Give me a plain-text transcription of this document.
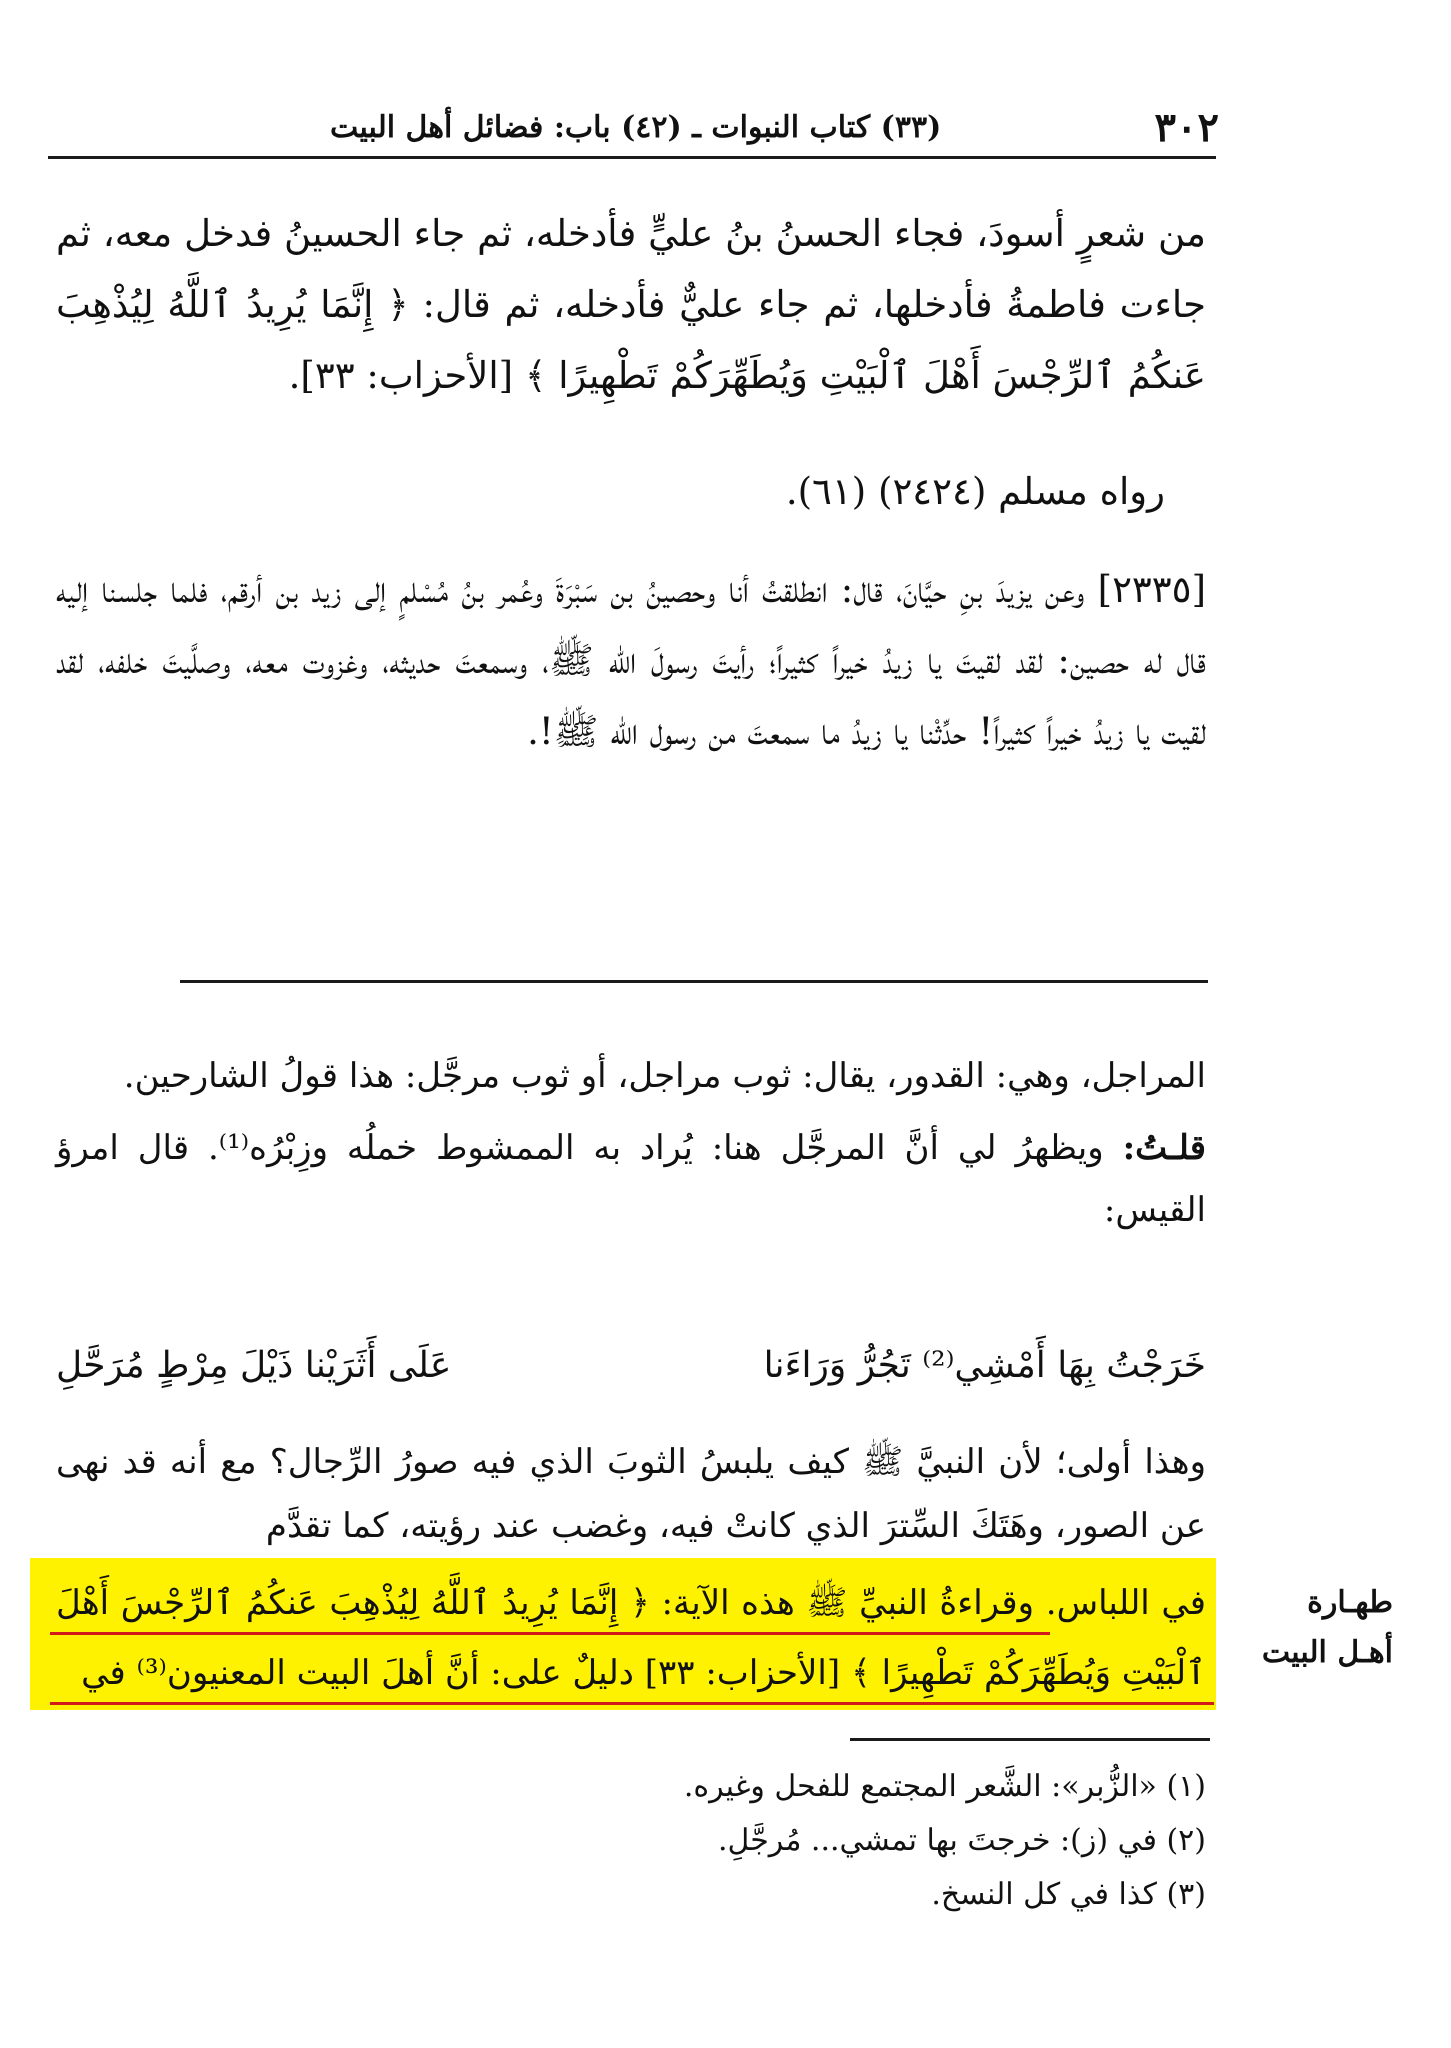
٣٠٢
(٣٣) كتاب النبوات ـ (٤٢) باب: فضائل أهل البيت

من شعرٍ أسودَ، فجاء الحسنُ بنُ عليٍّ فأدخله، ثم جاء الحسينُ فدخل معه، ثم جاءت فاطمةُ فأدخلها، ثم جاء عليٌّ فأدخله، ثم قال: ﴿ إِنَّمَا يُرِيدُ ٱللَّهُ لِيُذْهِبَ عَنكُمُ ٱلرِّجْسَ أَهْلَ ٱلْبَيْتِ وَيُطَهِّرَكُمْ تَطْهِيرًا ﴾ [الأحزاب: ٣٣].

رواه مسلم (٢٤٢٤) (٦١).

[٢٣٣٥] وعن يزيدَ بنِ حيَّانَ، قال: انطلقتُ أنا وحصينُ بن سَبْرَةَ وعُمر بنُ مُسْلمٍ إلى زيد بن أرقم، فلما جلسنا إليه قال له حصين: لقد لقيتَ يا زيدُ خيراً كثيراً؛ رأيتَ رسولَ الله ﷺ، وسمعتَ حديثه، وغزوت معه، وصلَّيتَ خلفه، لقد لقيت يا زيدُ خيراً كثيراً! حدِّثْنا يا زيدُ ما سمعتَ من رسول الله ﷺ!.

المراجل، وهي: القدور، يقال: ثوب مراجل، أو ثوب مرجَّل: هذا قولُ الشارحين.

قلـتُ: ويظهرُ لي أنَّ المرجَّل هنا: يُراد به الممشوط خملُه وزِبْرُه⁽¹⁾. قال امرؤ القيس:

خَرَجْتُ بِهَا أَمْشِي⁽²⁾ تَجُرُّ وَرَاءَنا
عَلَى أَثَرَيْنا ذَيْلَ مِرْطٍ مُرَحَّلِ
وهذا أولى؛ لأن النبيَّ ﷺ كيف يلبسُ الثوبَ الذي فيه صورُ الرِّجال؟ مع أنه قد نهى عن الصور، وهَتَكَ السِّترَ الذي كانتْ فيه، وغضب عند رؤيته، كما تقدَّم
في اللباس. وقراءةُ النبيِّ ﷺ هذه الآية: ﴿ إِنَّمَا يُرِيدُ ٱللَّهُ لِيُذْهِبَ عَنكُمُ ٱلرِّجْسَ أَهْلَ ٱلْبَيْتِ وَيُطَهِّرَكُمْ تَطْهِيرًا ﴾ [الأحزاب: ٣٣] دليلٌ على: أنَّ أهلَ البيت المعنيون⁽³⁾ في
طهـارة أهـل البيت

(١) «الزُّبر»: الشَّعر المجتمع للفحل وغيره.

(٢) في (ز): خرجتَ بها تمشي... مُرجَّلِ.

(٣) كذا في كل النسخ.
